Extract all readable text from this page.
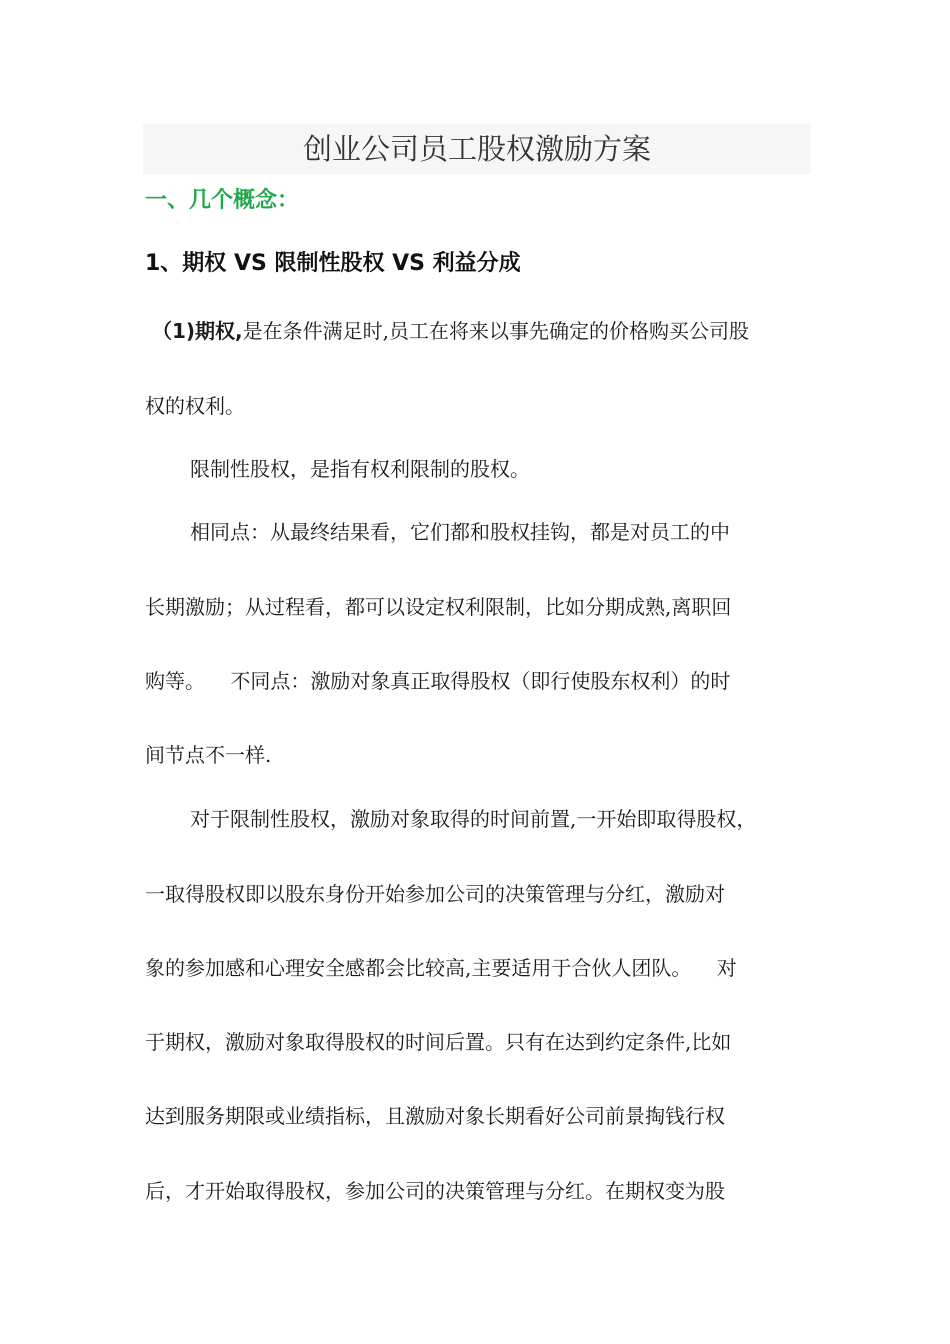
创业公司员工股权激励方案
一、几个概念：
1、期权 VS 限制性股权 VS 利益分成

（1)期权,是在条件满足时,员工在将来以事先确定的价格购买公司股

权的权利。

限制性股权，是指有权利限制的股权。

相同点：从最终结果看，它们都和股权挂钩，都是对员工的中

长期激励；从过程看，都可以设定权利限制，比如分期成熟,离职回

购等。    不同点：激励对象真正取得股权（即行使股东权利）的时

间节点不一样.

对于限制性股权，激励对象取得的时间前置,一开始即取得股权，

一取得股权即以股东身份开始参加公司的决策管理与分红，激励对

象的参加感和心理安全感都会比较高,主要适用于合伙人团队。    对

于期权，激励对象取得股权的时间后置。只有在达到约定条件,比如

达到服务期限或业绩指标，且激励对象长期看好公司前景掏钱行权

后，才开始取得股权，参加公司的决策管理与分红。在期权变为股
